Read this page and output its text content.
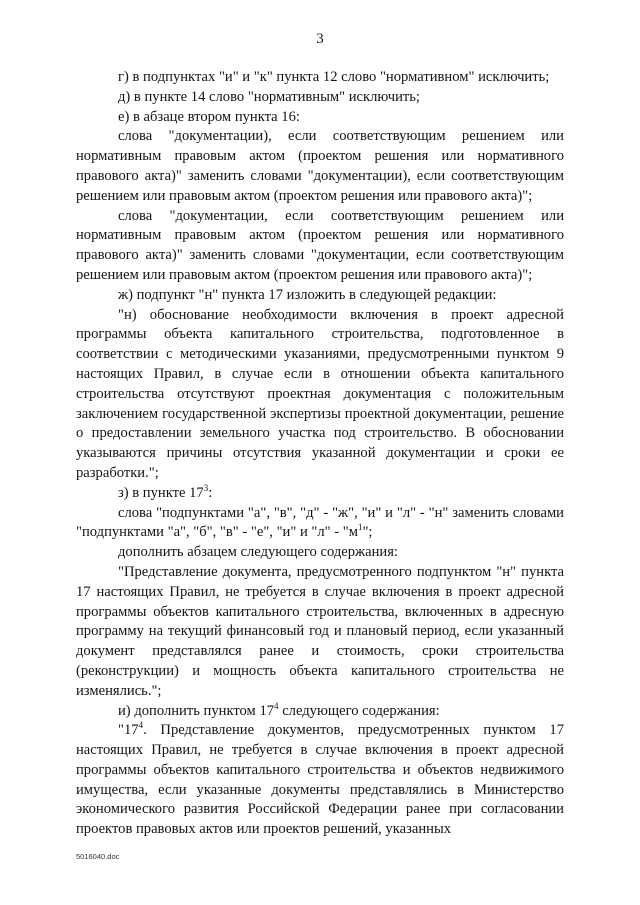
3

г) в подпунктах "и" и "к" пункта 12 слово "нормативном" исключить;

д) в пункте 14 слово "нормативным" исключить;

е) в абзаце втором пункта 16:

слова "документации), если соответствующим решением или нормативным правовым актом (проектом решения или нормативного правового акта)" заменить словами "документации), если соответствующим решением или правовым актом (проектом решения или правового акта)";

слова "документации, если соответствующим решением или нормативным правовым актом (проектом решения или нормативного правового акта)" заменить словами "документации, если соответствующим решением или правовым актом (проектом решения или правового акта)";

ж) подпункт "н" пункта 17 изложить в следующей редакции:

"н) обоснование необходимости включения в проект адресной программы объекта капитального строительства, подготовленное в соответствии с методическими указаниями, предусмотренными пунктом 9 настоящих Правил, в случае если в отношении объекта капитального строительства отсутствуют проектная документация с положительным заключением государственной экспертизы проектной документации, решение о предоставлении земельного участка под строительство. В обосновании указываются причины отсутствия указанной документации и сроки ее разработки.";

з) в пункте $17^3$:

слова "подпунктами "а", "в", "д" - "ж", "и" и "л" - "н" заменить словами "подпунктами "а", "б", "в" - "е", "и" и "л" - "$м^1$";

дополнить абзацем следующего содержания:

"Представление документа, предусмотренного подпунктом "н" пункта 17 настоящих Правил, не требуется в случае включения в проект адресной программы объектов капитального строительства, включенных в адресную программу на текущий финансовый год и плановый период, если указанный документ представлялся ранее и стоимость, сроки строительства (реконструкции) и мощность объекта капитального строительства не изменялись.";

и) дополнить пунктом $17^4$ следующего содержания:

"$17^4$. Представление документов, предусмотренных пунктом 17 настоящих Правил, не требуется в случае включения в проект адресной программы объектов капитального строительства и объектов недвижимого имущества, если указанные документы представлялись в Министерство экономического развития Российской Федерации ранее при согласовании проектов правовых актов или проектов решений, указанных

5016040.doc
